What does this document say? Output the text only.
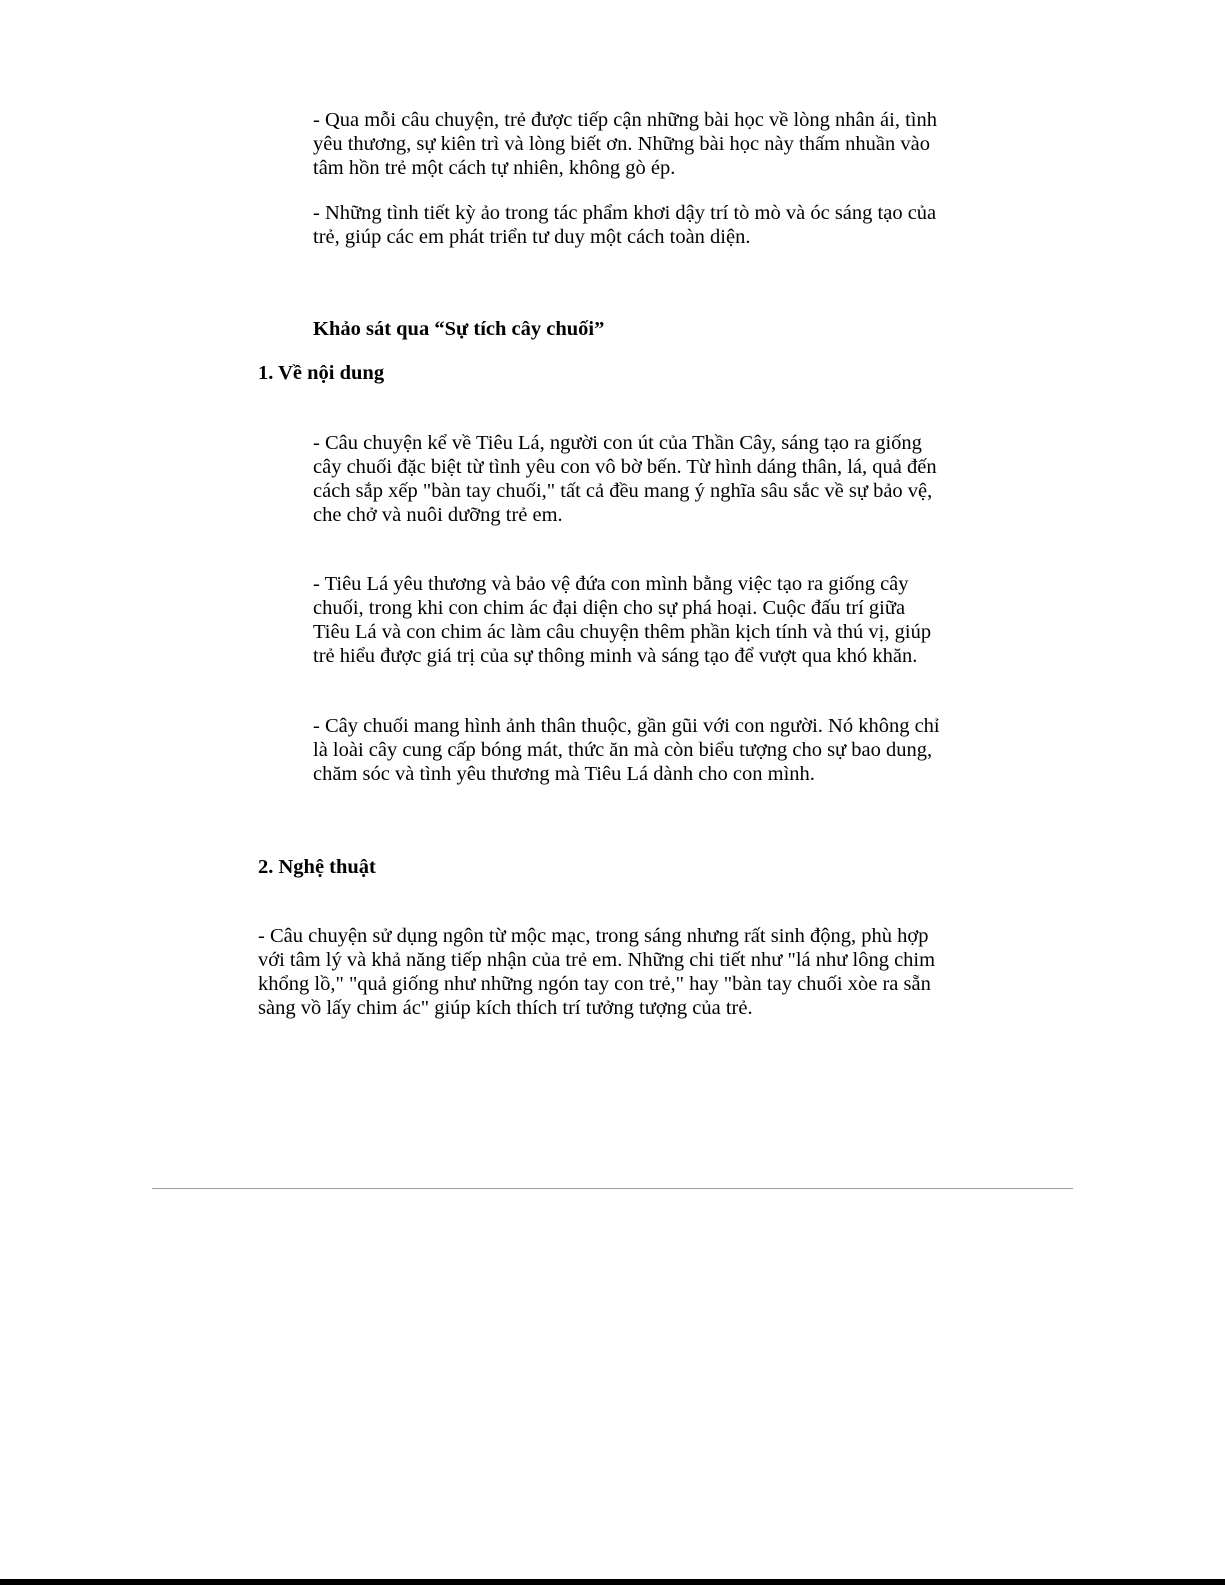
- Qua mỗi câu chuyện, trẻ được tiếp cận những bài học về lòng nhân ái, tình
yêu thương, sự kiên trì và lòng biết ơn. Những bài học này thấm nhuần vào
tâm hồn trẻ một cách tự nhiên, không gò ép.

- Những tình tiết kỳ ảo trong tác phẩm khơi dậy trí tò mò và óc sáng tạo của
trẻ, giúp các em phát triển tư duy một cách toàn diện.

Khảo sát qua “Sự tích cây chuối”
1. Về nội dung

- Câu chuyện kể về Tiêu Lá, người con út của Thần Cây, sáng tạo ra giống
cây chuối đặc biệt từ tình yêu con vô bờ bến. Từ hình dáng thân, lá, quả đến
cách sắp xếp "bàn tay chuối," tất cả đều mang ý nghĩa sâu sắc về sự bảo vệ,
che chở và nuôi dưỡng trẻ em.

- Tiêu Lá yêu thương và bảo vệ đứa con mình bằng việc tạo ra giống cây
chuối, trong khi con chim ác đại diện cho sự phá hoại. Cuộc đấu trí giữa
Tiêu Lá và con chim ác làm câu chuyện thêm phần kịch tính và thú vị, giúp
trẻ hiểu được giá trị của sự thông minh và sáng tạo để vượt qua khó khăn.

- Cây chuối mang hình ảnh thân thuộc, gần gũi với con người. Nó không chỉ
là loài cây cung cấp bóng mát, thức ăn mà còn biểu tượng cho sự bao dung,
chăm sóc và tình yêu thương mà Tiêu Lá dành cho con mình.

2. Nghệ thuật

- Câu chuyện sử dụng ngôn từ mộc mạc, trong sáng nhưng rất sinh động, phù hợp
với tâm lý và khả năng tiếp nhận của trẻ em. Những chi tiết như "lá như lông chim
khổng lồ," "quả giống như những ngón tay con trẻ," hay "bàn tay chuối xòe ra sẵn
sàng vồ lấy chim ác" giúp kích thích trí tưởng tượng của trẻ.
